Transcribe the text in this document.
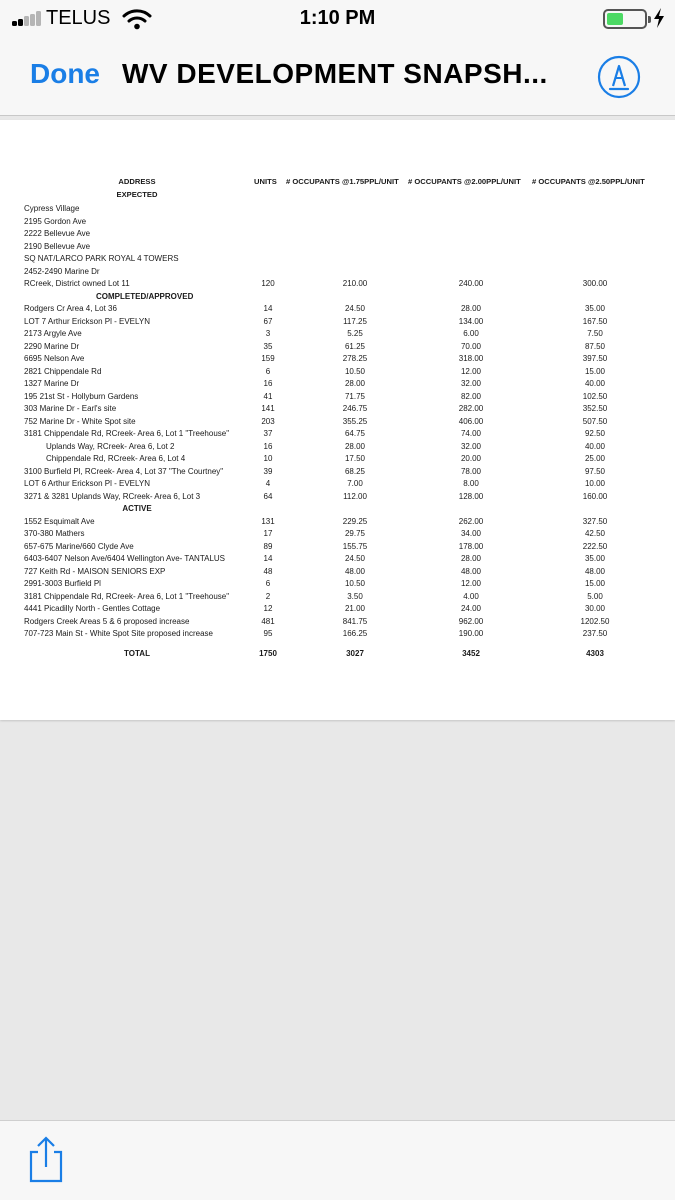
TELUS	1:10 PM
Done WV DEVELOPMENT SNAPSH...
ADDRESS	UNITS # OCCUPANTS @1.75PPL/UNIT # OCCUPANTS @2.00PPL/UNIT # OCCUPANTS @2.50PPL/UNIT
EXPECTED
Cypress Village
2195 Gordon Ave
2222 Bellevue Ave
2190 Bellevue Ave
SQ NAT/LARCO PARK ROYAL 4 TOWERS
2452-2490 Marine Dr
RCreek, District owned Lot 11	120	210.00	240.00	300.00
COMPLETED/APPROVED
Rodgers Cr Area 4, Lot 36	14	24.50	28.00	35.00
LOT 7 Arthur Erickson Pl - EVELYN	67	117.25	134.00	167.50
2173 Argyle Ave	3	5.25	6.00	7.50
2290 Marine Dr	35	61.25	70.00	87.50
6695 Nelson Ave	159	278.25	318.00	397.50
2821 Chippendale Rd	6	10.50	12.00	15.00
1327 Marine Dr	16	28.00	32.00	40.00
195 21st St - Hollyburn Gardens	41	71.75	82.00	102.50
303 Marine Dr - Earl's site	141	246.75	282.00	352.50
752 Marine Dr - White Spot site	203	355.25	406.00	507.50
3181 Chippendale Rd, RCreek- Area 6, Lot 1 "Treehouse"	37	64.75	74.00	92.50
Uplands Way, RCreek- Area 6, Lot 2	16	28.00	32.00	40.00
Chippendale Rd, RCreek- Area 6, Lot 4	10	17.50	20.00	25.00
3100 Burfield Pl, RCreek- Area 4, Lot 37 "The Courtney"	39	68.25	78.00	97.50
LOT 6 Arthur Erickson Pl - EVELYN	4	7.00	8.00	10.00
3271 & 3281 Uplands Way, RCreek- Area 6, Lot 3	64	112.00	128.00	160.00
ACTIVE
1552 Esquimalt Ave	131	229.25	262.00	327.50
370-380 Mathers	17	29.75	34.00	42.50
657-675 Marine/660 Clyde Ave	89	155.75	178.00	222.50
6403-6407 Nelson Ave/6404 Wellington Ave- TANTALUS	14	24.50	28.00	35.00
727 Keith Rd - MAISON SENIORS EXP	48	48.00	48.00	48.00
2991-3003 Burfield Pl	6	10.50	12.00	15.00
3181 Chippendale Rd, RCreek- Area 6, Lot 1 "Treehouse"	2	3.50	4.00	5.00
4441 Picadilly North - Gentles Cottage	12	21.00	24.00	30.00
Rodgers Creek Areas 5 & 6 proposed increase	481	841.75	962.00	1202.50
707-723 Main St - White Spot Site proposed increase	95	166.25	190.00	237.50
TOTAL	1750	3027	3452	4303
